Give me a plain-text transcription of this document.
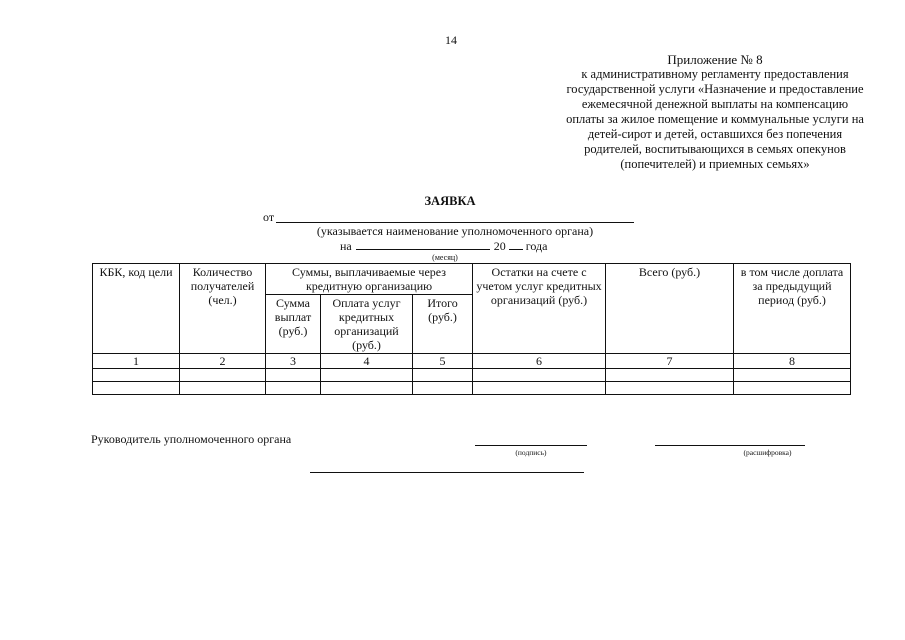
14
Приложение № 8
к административному регламенту предоставления
государственной услуги «Назначение и предоставление
ежемесячной денежной выплаты на компенсацию
оплаты за жилое помещение и коммунальные услуги на
детей-сирот и детей, оставшихся без попечения
родителей, воспитывающихся в семьях опекунов
(попечителей) и приемных семьях»
ЗАЯВКА
от
(указывается наименование уполномоченного органа)
на	20 года
(месяц)
КБК, код цели	Количество получателей (чел.)	Суммы, выплачиваемые через кредитную организацию			Остатки на счете с учетом услуг кредитных организаций (руб.)	Всего (руб.)	в том числе доплата за предыдущий период (руб.)
		Сумма выплат (руб.)	Оплата услуг кредитных организаций (руб.)	Итого (руб.)			
1	2	3	4	5	6	7	8

Руководитель уполномоченного органа
(подпись)	(расшифровка)
